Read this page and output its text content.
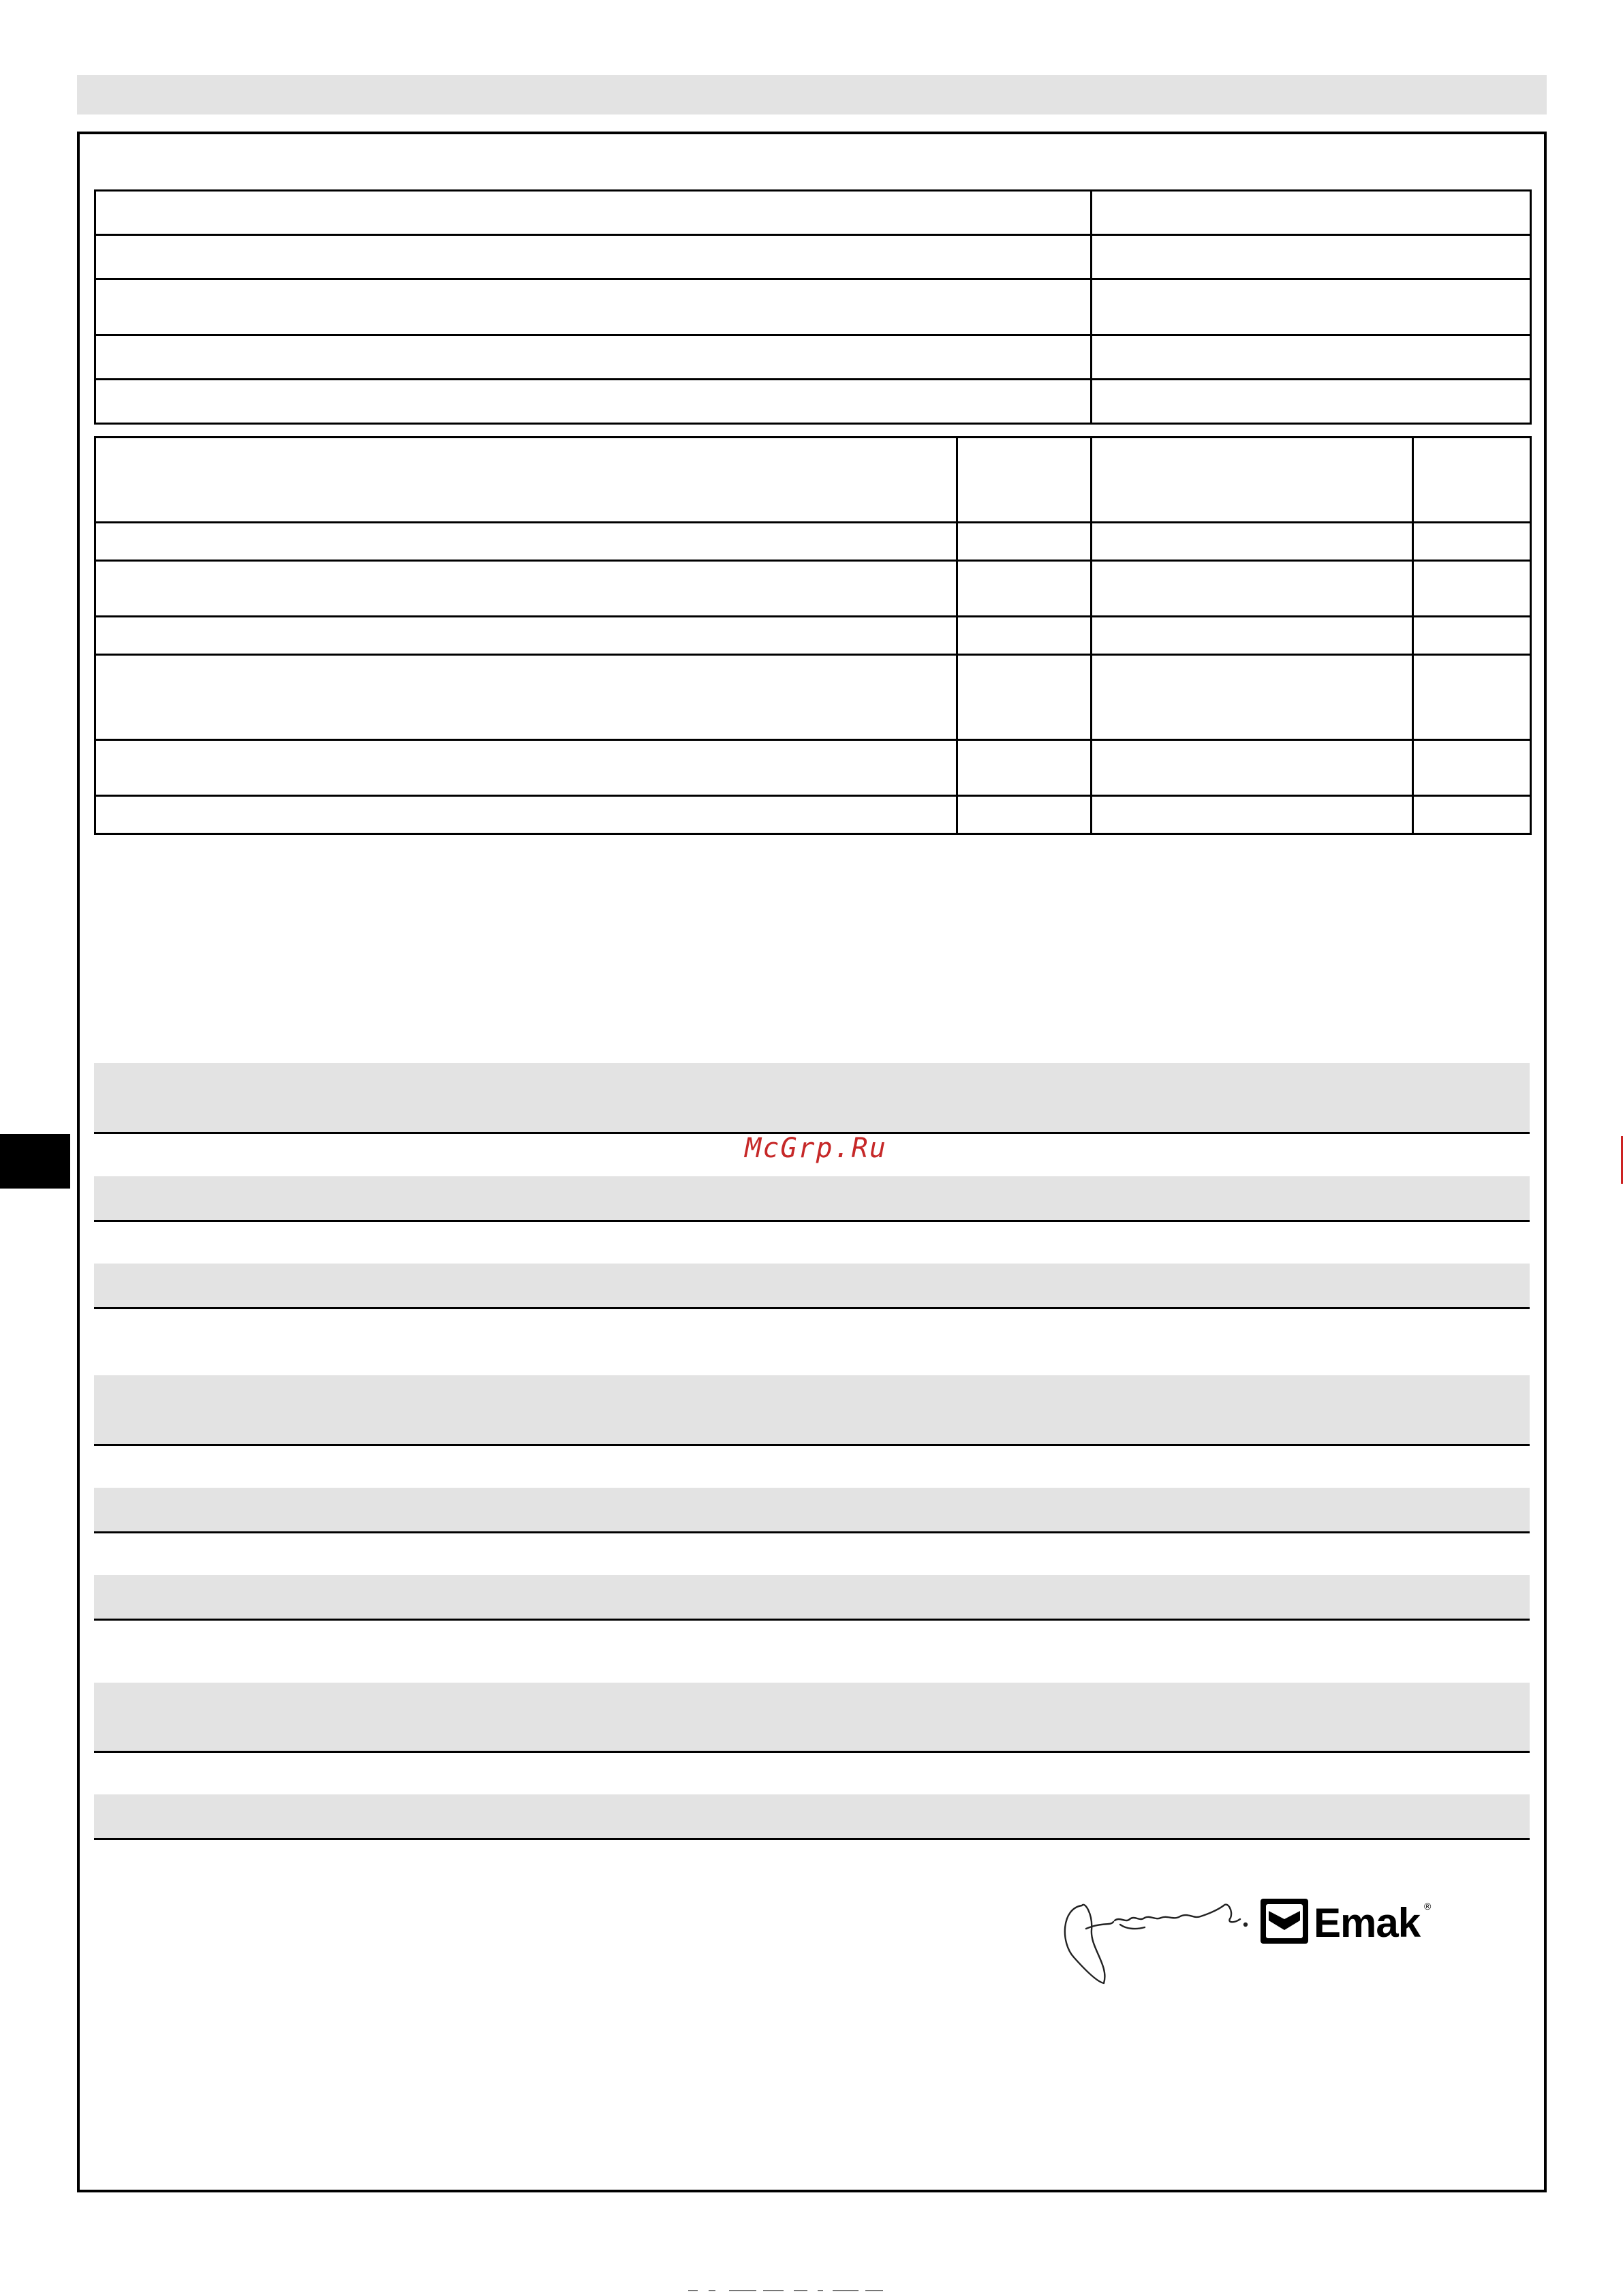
McGrp.Ru
Emak ®
